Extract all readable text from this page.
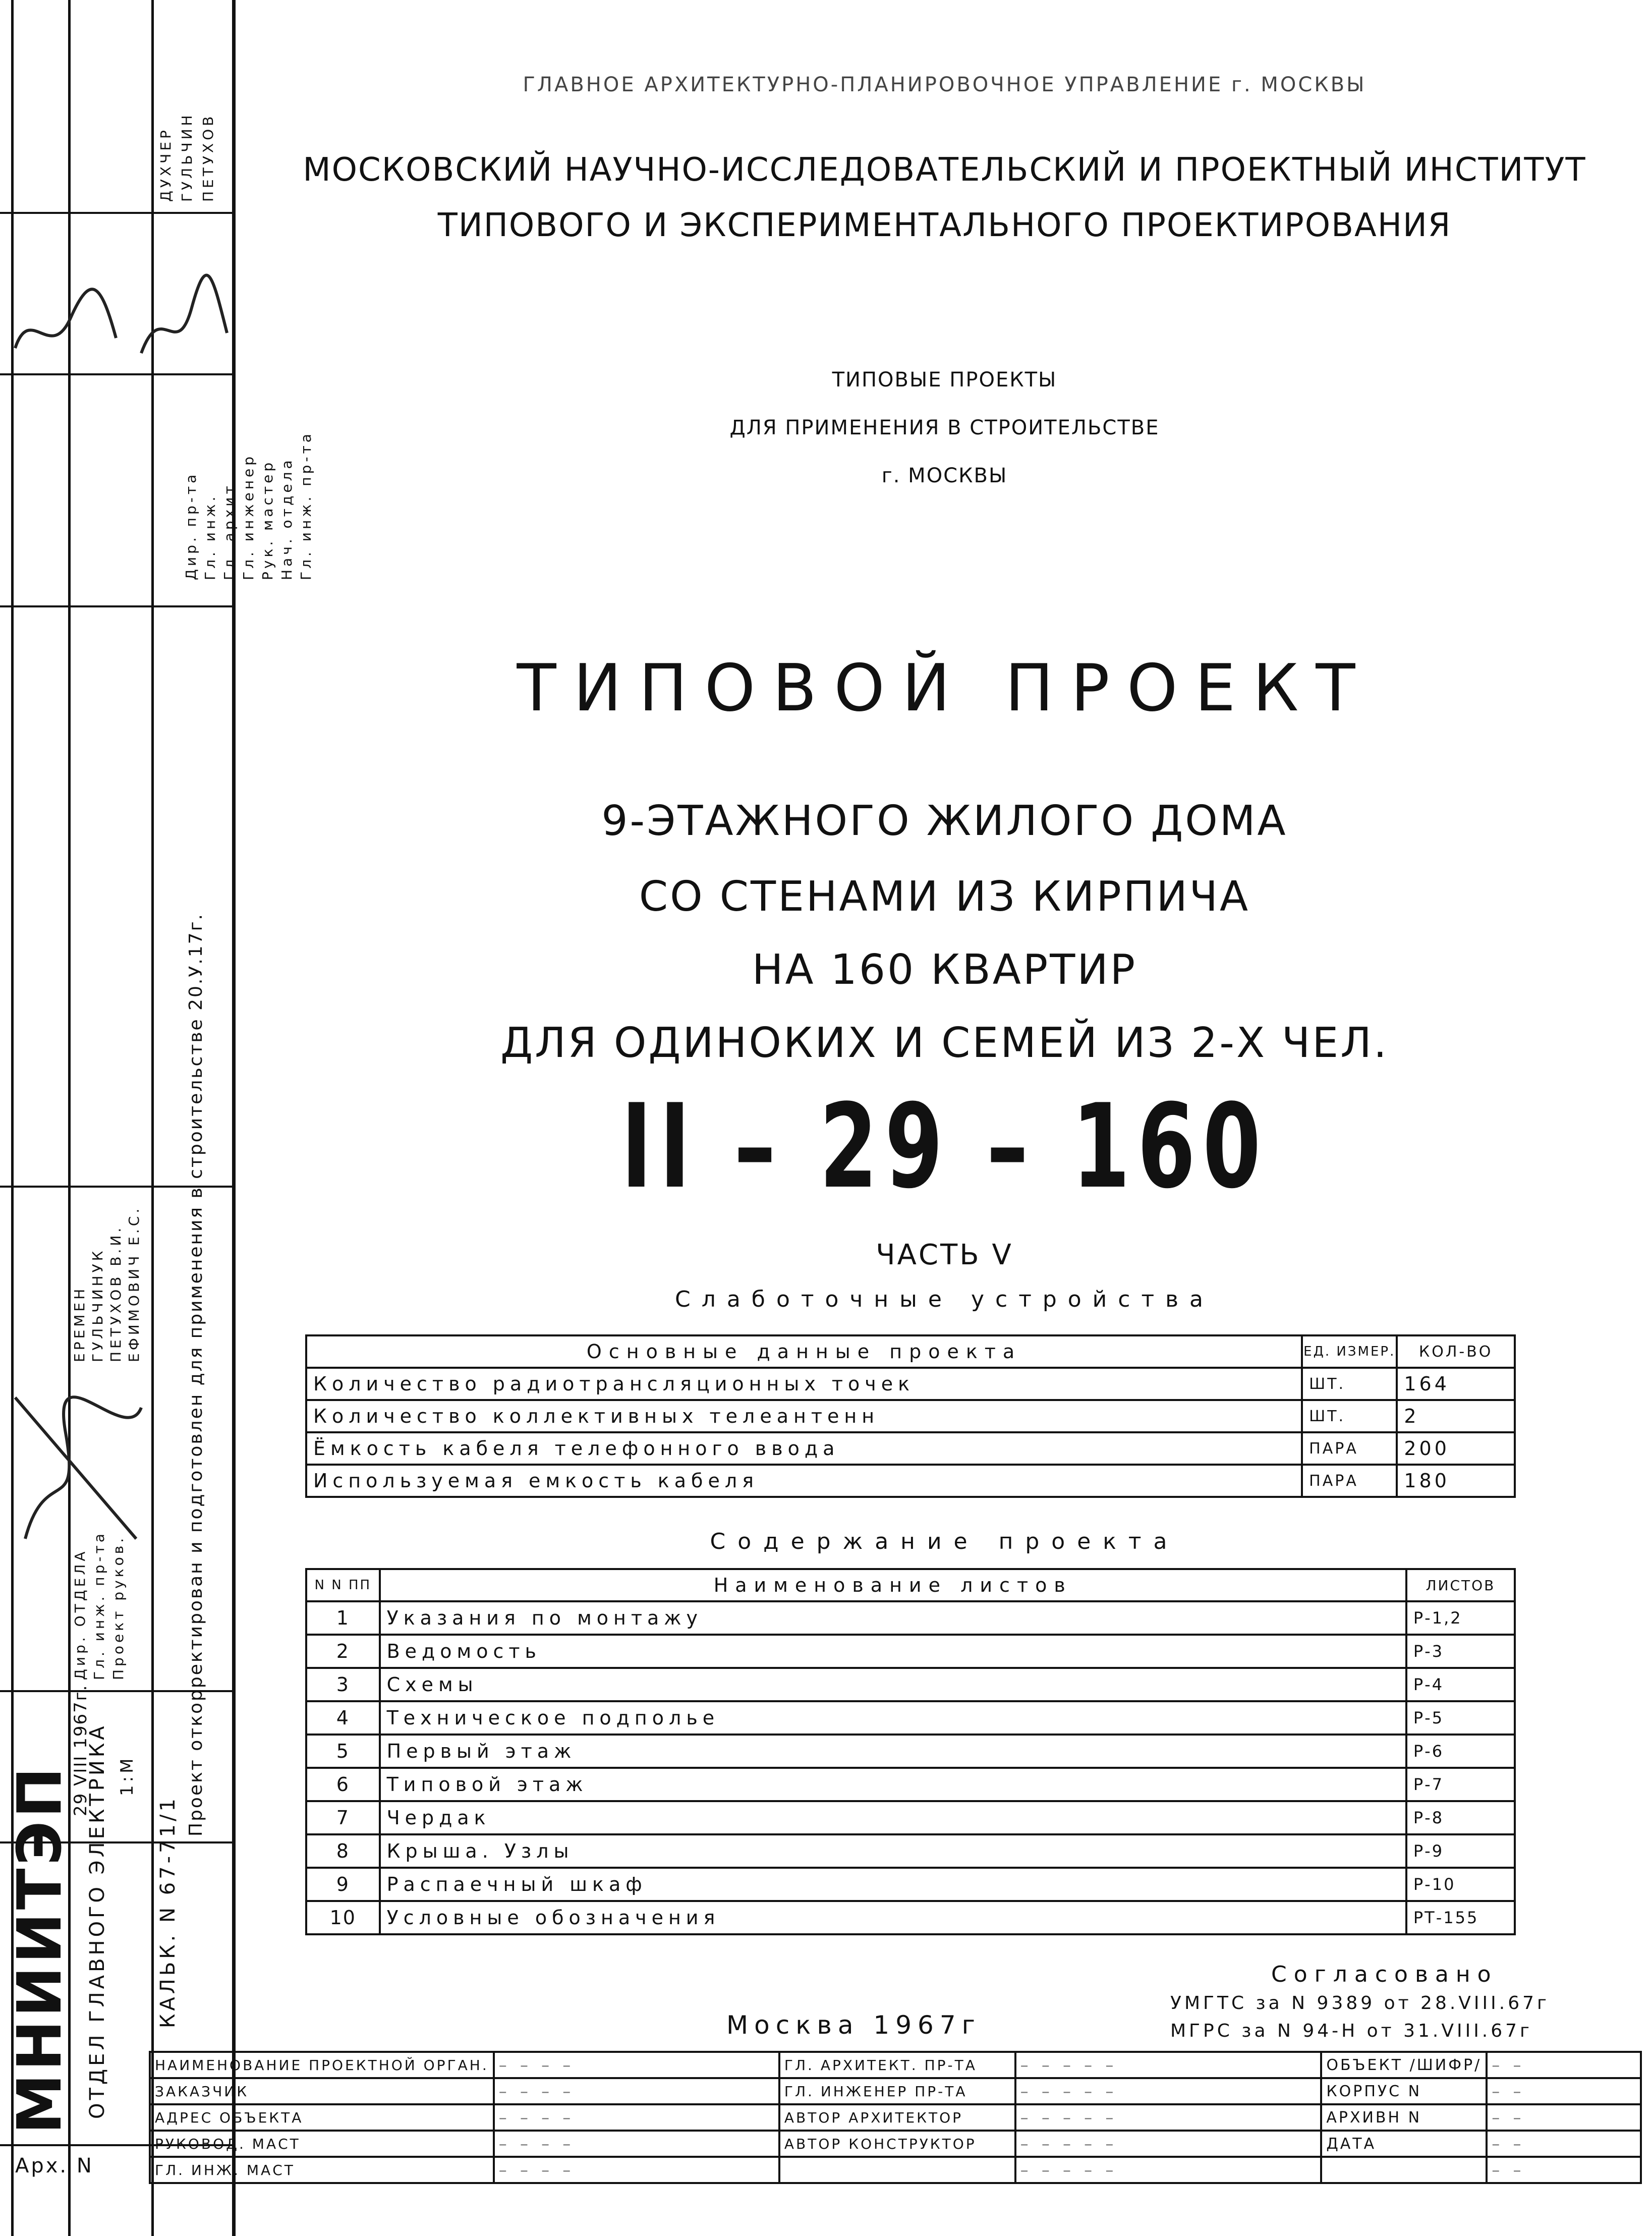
МНИИТЭП ОТДЕЛ ГЛАВНОГО ЭЛЕКТРИКА КАЛЬК. N 67-71/1
Проект откорректирован и подготовлен для применения в строительстве 20.У.17г.
29 VIII 1967г. 1:М
Арх. N
ДУХЧЕР ГУЛЬЧИН ПЕТУХОВ
Дир. пр-та Гл. инж. Гл. архит. Гл. инженер Рук. мастер Нач. отдела Гл. инж. пр-та
Дир. ОТДЕЛА Гл. инж. пр-та Проект руков.
ЕРЕМЕН ГУЛЬЧИНУК ПЕТУХОВ В.И. ЕФИМОВИЧ Е.С.
ГЛАВНОЕ АРХИТЕКТУРНО-ПЛАНИРОВОЧНОЕ УПРАВЛЕНИЕ г. МОСКВЫ
МОСКОВСКИЙ НАУЧНО-ИССЛЕДОВАТЕЛЬСКИЙ И ПРОЕКТНЫЙ ИНСТИТУТ
ТИПОВОГО И ЭКСПЕРИМЕНТАЛЬНОГО ПРОЕКТИРОВАНИЯ
ТИПОВЫЕ ПРОЕКТЫ
ДЛЯ ПРИМЕНЕНИЯ В СТРОИТЕЛЬСТВЕ
г. МОСКВЫ
ТИПОВОЙ ПРОЕКТ
9-ЭТАЖНОГО ЖИЛОГО ДОМА
СО СТЕНАМИ ИЗ КИРПИЧА
НА 160 КВАРТИР
ДЛЯ ОДИНОКИХ И СЕМЕЙ ИЗ 2-Х ЧЕЛ.
II – 29 – 160
ЧАСТЬ V
Слаботочные устройства
Основные данные проекта	ЕД. ИЗМЕР.	КОЛ-ВО
Количество радиотрансляционных точек	ШТ.	164
Количество коллективных телеантенн	ШТ.	2
Ёмкость кабеля телефонного ввода	ПАРА	200
Используемая емкость кабеля	ПАРА	180
Содержание проекта
N N ПП	Наименование листов	ЛИСТОВ
1	Указания по монтажу	Р-1,2
2	Ведомость	Р-3
3	Схемы	Р-4
4	Техническое подполье	Р-5
5	Первый этаж	Р-6
6	Типовой этаж	Р-7
7	Чердак	Р-8
8	Крыша. Узлы	Р-9
9	Распаечный шкаф	Р-10
10	Условные обозначения	РТ-155
Согласовано
УМГТС за N 9389 от 28.VIII.67г
МГРС за N 94-Н от 31.VIII.67г
Москва 1967г
НАИМЕНОВАНИЕ ПРОЕКТНОЙ ОРГАН.	– – – –	ГЛ. АРХИТЕКТ. ПР-ТА	– – – – –	ОБЪЕКТ /ШИФР/	– –
ЗАКАЗЧИК	– – – –	ГЛ. ИНЖЕНЕР ПР-ТА	– – – – –	КОРПУС N	– –
АДРЕС ОБЪЕКТА	– – – –	АВТОР АРХИТЕКТОР	– – – – –	АРХИВН N	– –
РУКОВОД. МАСТ	– – – –	АВТОР КОНСТРУКТОР	– – – – –	ДАТА	– –
ГЛ. ИНЖ. МАСТ	– – – –		– – – – –		– –
